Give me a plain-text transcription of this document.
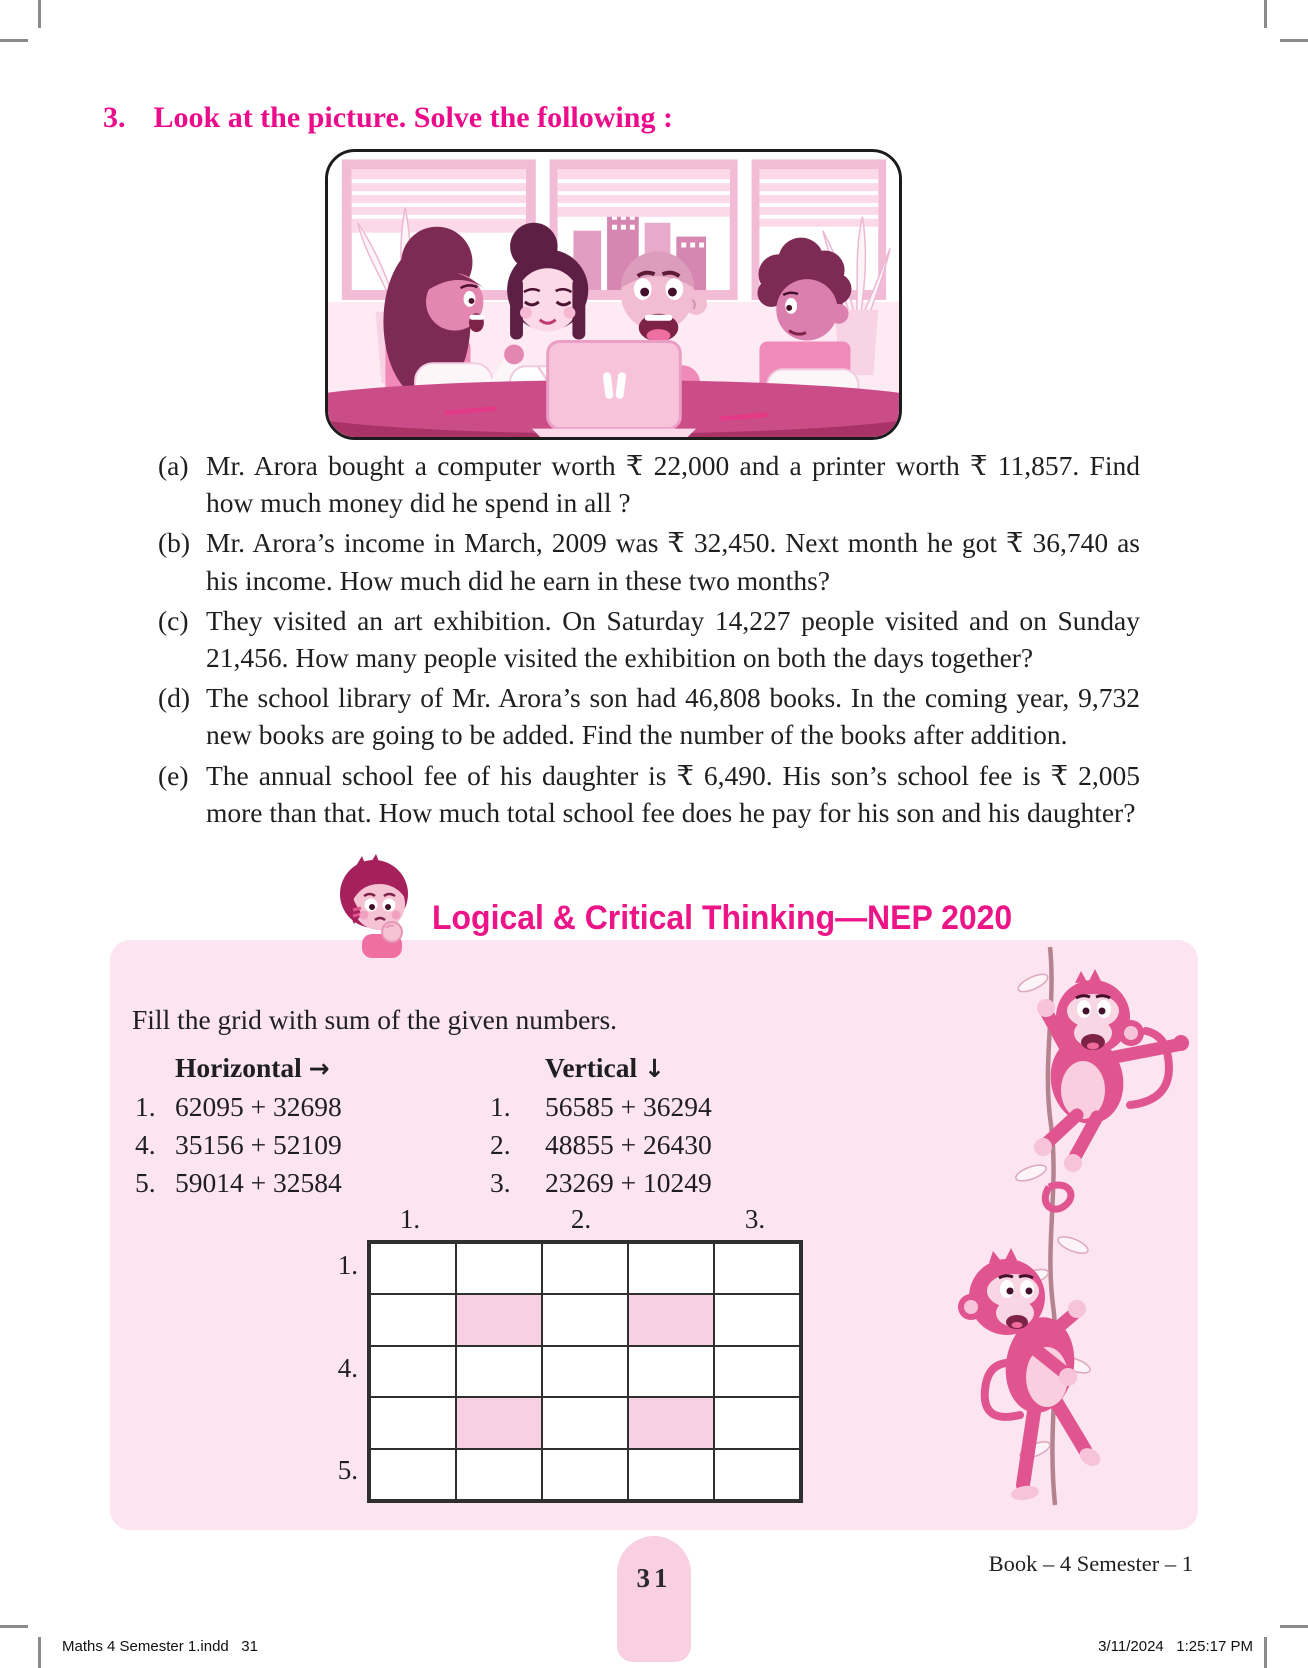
3. Look at the picture. Solve the following :
(a) Mr. Arora bought a computer worth ₹ 22,000 and a printer worth ₹ 11,857. Find how much money did he spend in all ?
(b) Mr. Arora’s income in March, 2009 was ₹ 32,450. Next month he got ₹ 36,740 as his income. How much did he earn in these two months?
(c) They visited an art exhibition. On Saturday 14,227 people visited and on Sunday 21,456. How many people visited the exhibition on both the days together?
(d) The school library of Mr. Arora’s son had 46,808 books. In the coming year, 9,732 new books are going to be added. Find the number of the books after addition.
(e) The annual school fee of his daughter is ₹ 6,490. His son’s school fee is ₹ 2,005 more than that. How much total school fee does he pay for his son and his daughter?
Logical & Critical Thinking—NEP 2020
Fill the grid with sum of the given numbers.
Horizontal →
1. 62095 + 32698
4. 35156 + 52109
5. 59014 + 32584
Vertical ↓
1.	56585 + 36294
2.	48855 + 26430
3.	23269 + 10249
1.	2.	3.
1.
4.
5.
Book – 4 Semester – 1
31
Maths 4 Semester 1.indd   31	3/11/2024   1:25:17 PM
